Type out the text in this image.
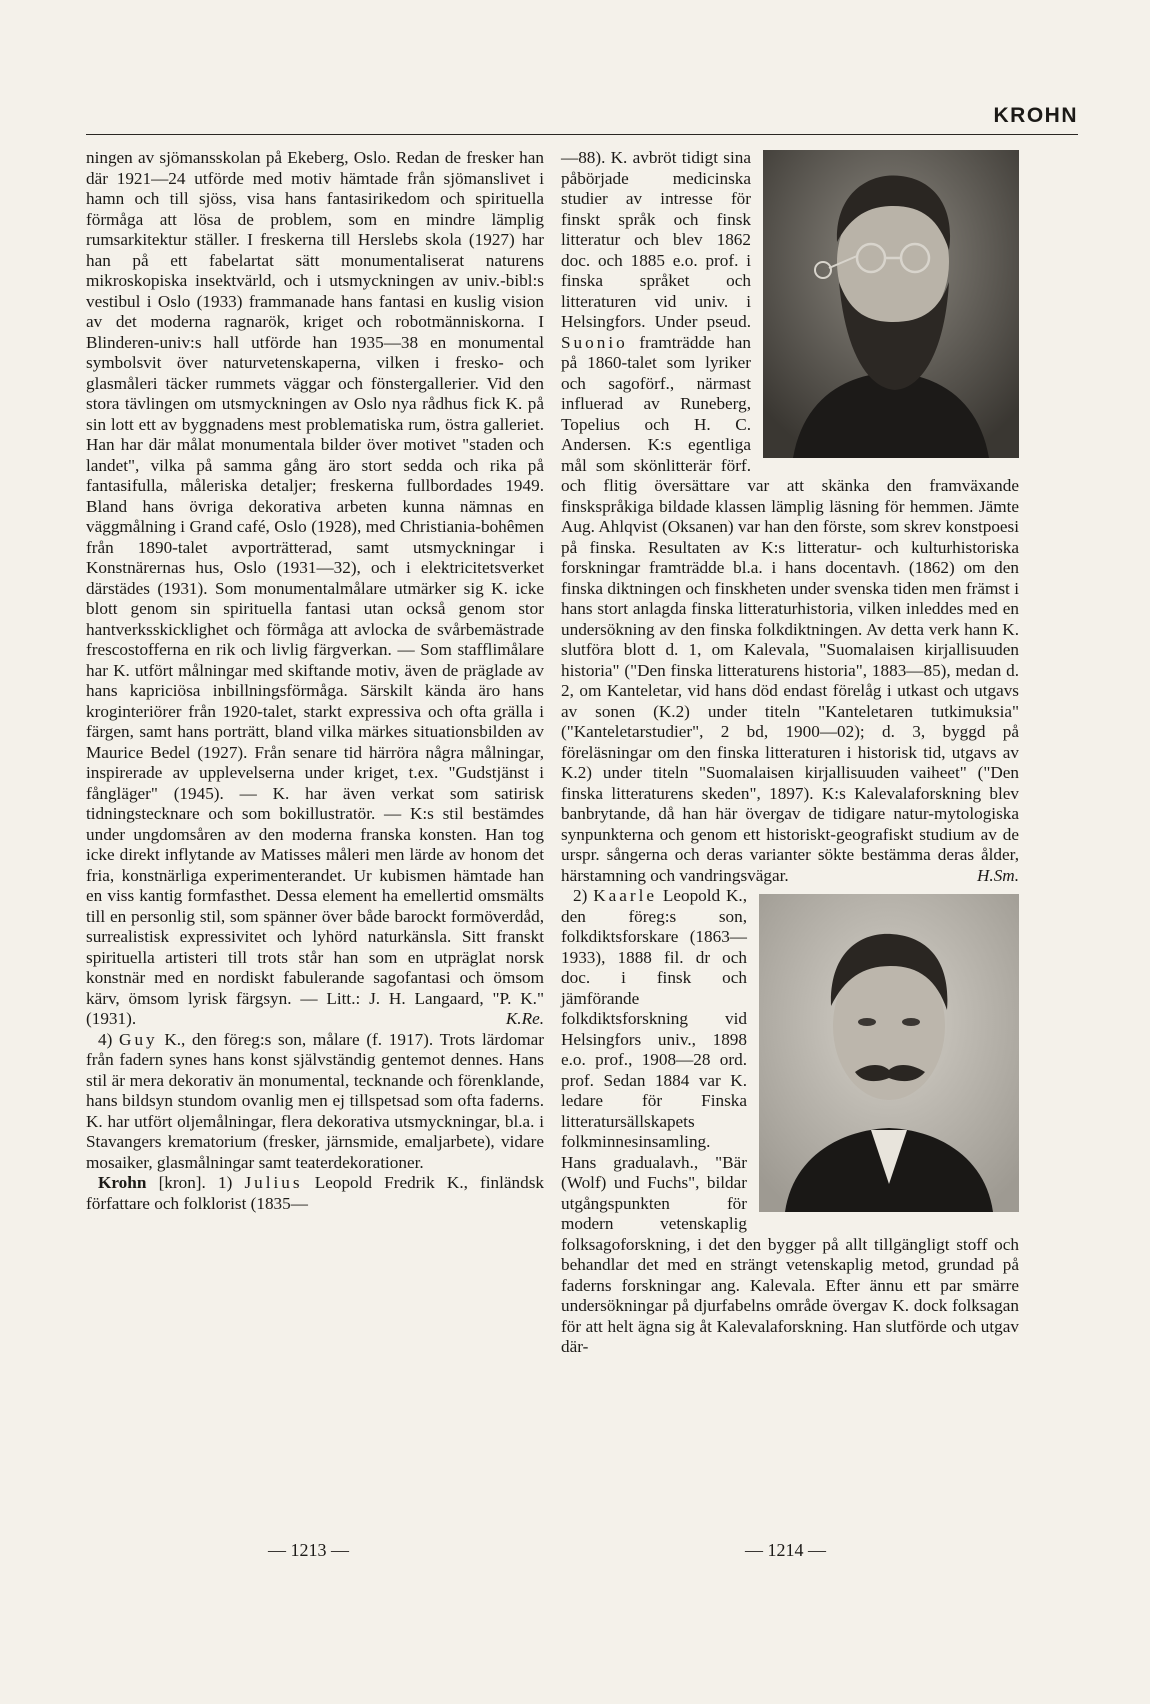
KROHN

ningen av sjömansskolan på Ekeberg, Oslo. Redan de fresker han där 1921—24 utförde med motiv hämtade från sjömanslivet i hamn och till sjöss, visa hans fantasirikedom och spirituella förmåga att lösa de problem, som en mindre lämplig rumsarkitektur ställer. I freskerna till Herslebs skola (1927) har han på ett fabelartat sätt monumentaliserat naturens mikroskopiska insektvärld, och i utsmyckningen av univ.-bibl:s vestibul i Oslo (1933) frammanade hans fantasi en kuslig vision av det moderna ragnarök, kriget och robotmänniskorna. I Blinderen-univ:s hall utförde han 1935—38 en monumental symbolsvit över naturvetenskaperna, vilken i fresko- och glasmåleri täcker rummets väggar och fönstergallerier. Vid den stora tävlingen om utsmyckningen av Oslo nya rådhus fick K. på sin lott ett av byggnadens mest problematiska rum, östra galleriet. Han har där målat monumentala bilder över motivet "staden och landet", vilka på samma gång äro stort sedda och rika på fantasifulla, måleriska detaljer; freskerna fullbordades 1949. Bland hans övriga dekorativa arbeten kunna nämnas en väggmålning i Grand café, Oslo (1928), med Christiania-bohêmen från 1890-talet avporträtterad, samt utsmyckningar i Konstnärernas hus, Oslo (1931—32), och i elektricitetsverket därstädes (1931). Som monumentalmålare utmärker sig K. icke blott genom sin spirituella fantasi utan också genom stor hantverksskicklighet och förmåga att avlocka de svårbemästrade frescostofferna en rik och livlig färgverkan. — Som stafflimålare har K. utfört målningar med skiftande motiv, även de präglade av hans kapriciösa inbillningsförmåga. Särskilt kända äro hans kroginteriörer från 1920-talet, starkt expressiva och ofta grälla i färgen, samt hans porträtt, bland vilka märkes situationsbilden av Maurice Bedel (1927). Från senare tid härröra några målningar, inspirerade av upplevelserna under kriget, t.ex. "Gudstjänst i fångläger" (1945). — K. har även verkat som satirisk tidningstecknare och som bokillustratör. — K:s stil bestämdes under ungdomsåren av den moderna franska konsten. Han tog icke direkt inflytande av Matisses måleri men lärde av honom det fria, konstnärliga experimenterandet. Ur kubismen hämtade han en viss kantig formfasthet. Dessa element ha emellertid omsmälts till en personlig stil, som spänner över både barockt formöverdåd, surrealistisk expressivitet och lyhörd naturkänsla. Sitt franskt spirituella artisteri till trots står han som en utpräglat norsk konstnär med en nordiskt fabulerande sagofantasi och ömsom kärv, ömsom lyrisk färgsyn. — Litt.: J. H. Langaard, "P. K." (1931).	K.Re.

4) Guy K., den föreg:s son, målare (f. 1917). Trots lärdomar från fadern synes hans konst självständig gentemot dennes. Hans stil är mera dekorativ än monumental, tecknande och förenklande, hans bildsyn stundom ovanlig men ej tillspetsad som ofta faderns. K. har utfört oljemålningar, flera dekorativa utsmyckningar, bl.a. i Stavangers krematorium (fresker, järnsmide, emaljarbete), vidare mosaiker, glasmålningar samt teaterdekorationer.

Krohn [kron]. 1) Julius Leopold Fredrik K., finländsk författare och folklorist (1835—

—88). K. avbröt tidigt sina påbörjade medicinska studier av intresse för finskt språk och finsk litteratur och blev 1862 doc. och 1885 e.o. prof. i finska språket och litteraturen vid univ. i Helsingfors. Under pseud. Suonio framträdde han på 1860-talet som lyriker och sagoförf., närmast influerad av Runeberg, Topelius och H. C. Andersen. K:s egentliga mål som skönlitterär förf. och flitig översättare var att skänka den framväxande finskspråkiga bildade klassen lämplig läsning för hemmen. Jämte Aug. Ahlqvist (Oksanen) var han den förste, som skrev konstpoesi på finska. Resultaten av K:s litteratur- och kulturhistoriska forskningar framträdde bl.a. i hans docentavh. (1862) om den finska diktningen och finskheten under svenska tiden men främst i hans stort anlagda finska litteraturhistoria, vilken inleddes med en undersökning av den finska folkdiktningen. Av detta verk hann K. slutföra blott d. 1, om Kalevala, "Suomalaisen kirjallisuuden historia" ("Den finska litteraturens historia", 1883—85), medan d. 2, om Kanteletar, vid hans död endast förelåg i utkast och utgavs av sonen (K.2) under titeln "Kanteletaren tutkimuksia" ("Kanteletarstudier", 2 bd, 1900—02); d. 3, byggd på föreläsningar om den finska litteraturen i historisk tid, utgavs av K.2) under titeln "Suomalaisen kirjallisuuden vaiheet" ("Den finska litteraturens skeden", 1897). K:s Kalevalaforskning blev banbrytande, då han här övergav de tidigare natur-mytologiska synpunkterna och genom ett historiskt-geografiskt studium av de urspr. sångerna och deras varianter sökte bestämma deras ålder, härstamning och vandringsvägar.	H.Sm.

2) Kaarle Leopold K., den föreg:s son, folkdiktsforskare (1863—1933), 1888 fil. dr och doc. i finsk och jämförande folkdiktsforskning vid Helsingfors univ., 1898 e.o. prof., 1908—28 ord. prof. Sedan 1884 var K. ledare för Finska litteratursällskapets folkminnesinsamling. Hans gradualavh., "Bär (Wolf) und Fuchs", bildar utgångspunkten för modern vetenskaplig folksagoforskning, i det den bygger på allt tillgängligt stoff och behandlar det med en strängt vetenskaplig metod, grundad på faderns forskningar ang. Kalevala. Efter ännu ett par smärre undersökningar på djurfabelns område övergav K. dock folksagan för att helt ägna sig åt Kalevalaforskning. Han slutförde och utgav där-

— 1213 —	— 1214 —
